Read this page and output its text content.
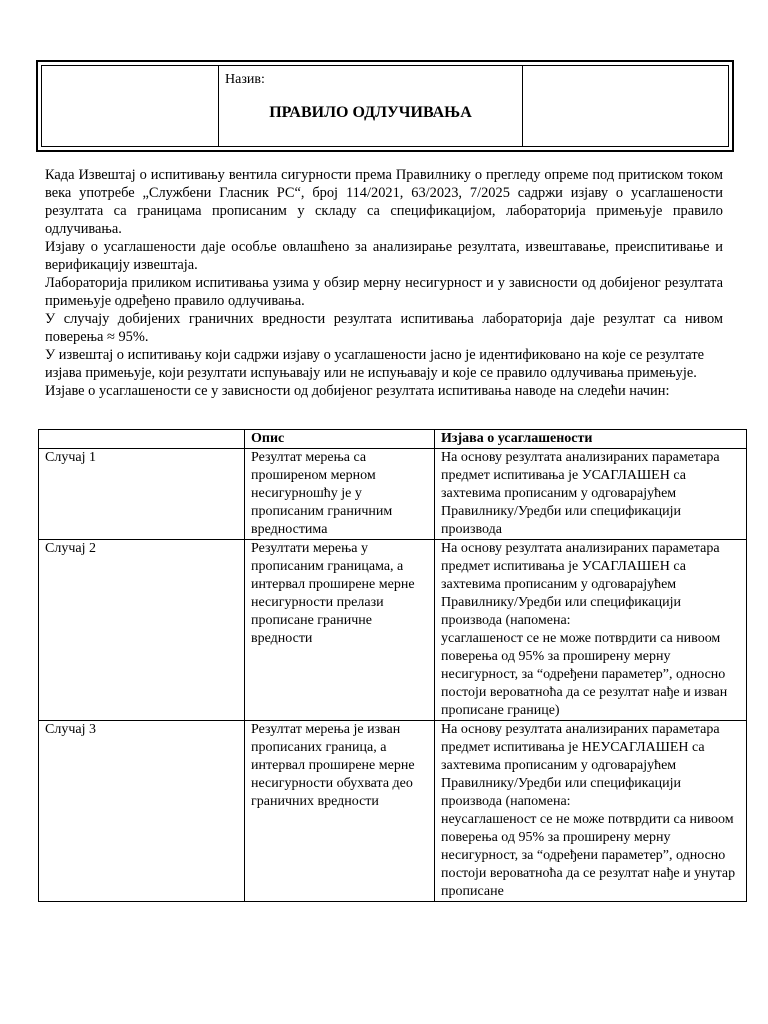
Назив:
ПРАВИЛО ОДЛУЧИВАЊА

Када Извештај о испитивању вентила сигурности према Правилнику о прегледу опреме под притиском током века употребе „Службени Гласник РС“, број 114/2021, 63/2023, 7/2025 садржи изјаву о усаглашености резултата са границама прописаним у складу са спецификацијом, лабораторија примењује правило одлучивања.

Изјаву о усаглашености даје особље овлашћено за анализирање резултата, извештавање, преиспитивање и верификацију извештаја.

Лабораторија приликом испитивања узима у обзир мерну несигурност и у зависности од добијеног резултата примењује одређено правило одлучивања.

У случају добијених граничних вредности резултата испитивања лабораторија даје резултат са нивом поверења ≈ 95%.

У извештај о испитивању који садржи изјаву о усаглашености јасно је идентификовано на које се резултате изјава примењује, који резултати испуњавају или не испуњавају и које се правило одлучивања примењује.

Изјаве о усаглашености се у зависности од добијеног резултата испитивања наводе на следећи начин:

	Опис	Изјава о усаглашености
Случај 1	Резултат мерења са проширеном мерном несигурношћу је у прописаним граничним вредностима	На основу резултата анализираних параметара предмет испитивања је УСАГЛАШЕН са захтевима прописаним у одговарајућем Правилнику/Уредби или спецификацији производа
Случај 2	Резултати мерења у прописаним границама, а интервал проширене мерне несигурности прелази прописане граничне вредности	На основу резултата анализираних параметара предмет испитивања је УСАГЛАШЕН са захтевима прописаним у одговарајућем Правилнику/Уредби или спецификацији производа (напомена:
усаглашеност се не може потврдити са нивоом поверења од 95% за проширену мерну несигурност, за “одређени параметер”, односно
постоји вероватноћа да се резултат нађе и изван прописане границе)
Случај 3	Резултат мерења је изван прописаних граница, а интервал проширене мерне несигурности обухвата део граничних вредности	На основу резултата анализираних параметара предмет испитивања је НЕУСАГЛАШЕН са захтевима прописаним у одговарајућем Правилнику/Уредби или спецификацији производа (напомена:
неусаглашеност се не може потврдити са нивоом
поверења од 95% за проширену мерну несигурност, за “одређени параметер”, односно постоји вероватноћа да се резултат нађе и унутар прописане
